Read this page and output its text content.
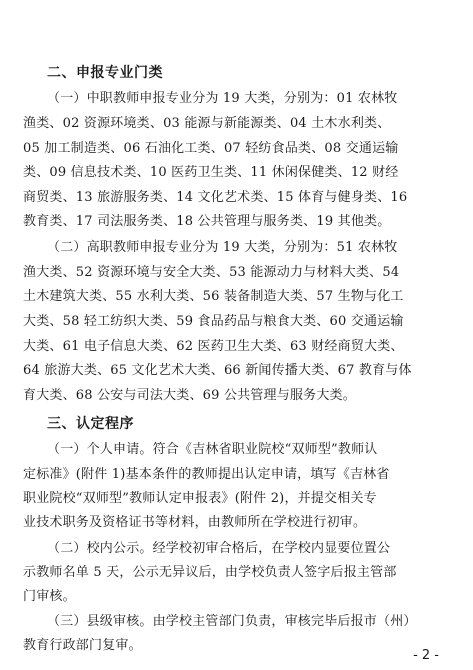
二、申报专业门类
（一）中职教师申报专业分为 19 大类，分别为：01 农林牧
渔类、02 资源环境类、03 能源与新能源类、04 土木水利类、
05 加工制造类、06 石油化工类、07 轻纺食品类、08 交通运输
类、09 信息技术类、10 医药卫生类、11 休闲保健类、12 财经
商贸类、13 旅游服务类、14 文化艺术类、15 体育与健身类、16
教育类、17 司法服务类、18 公共管理与服务类、19 其他类。
（二）高职教师申报专业分为 19 大类，分别为：51 农林牧
渔大类、52 资源环境与安全大类、53 能源动力与材料大类、54
土木建筑大类、55 水利大类、56 装备制造大类、57 生物与化工
大类、58 轻工纺织大类、59 食品药品与粮食大类、60 交通运输
大类、61 电子信息大类、62 医药卫生大类、63 财经商贸大类、
64 旅游大类、65 文化艺术大类、66 新闻传播大类、67 教育与体
育大类、68 公安与司法大类、69 公共管理与服务大类。
三、认定程序
（一）个人申请。符合《吉林省职业院校“双师型”教师认
定标准》(附件 1)基本条件的教师提出认定申请，填写《吉林省
职业院校“双师型”教师认定申报表》(附件 2)，并提交相关专
业技术职务及资格证书等材料，由教师所在学校进行初审。
（二）校内公示。经学校初审合格后，在学校内显要位置公
示教师名单 5 天，公示无异议后，由学校负责人签字后报主管部
门审核。
（三）县级审核。由学校主管部门负责，审核完毕后报市（州）
教育行政部门复审。
- 2 -
